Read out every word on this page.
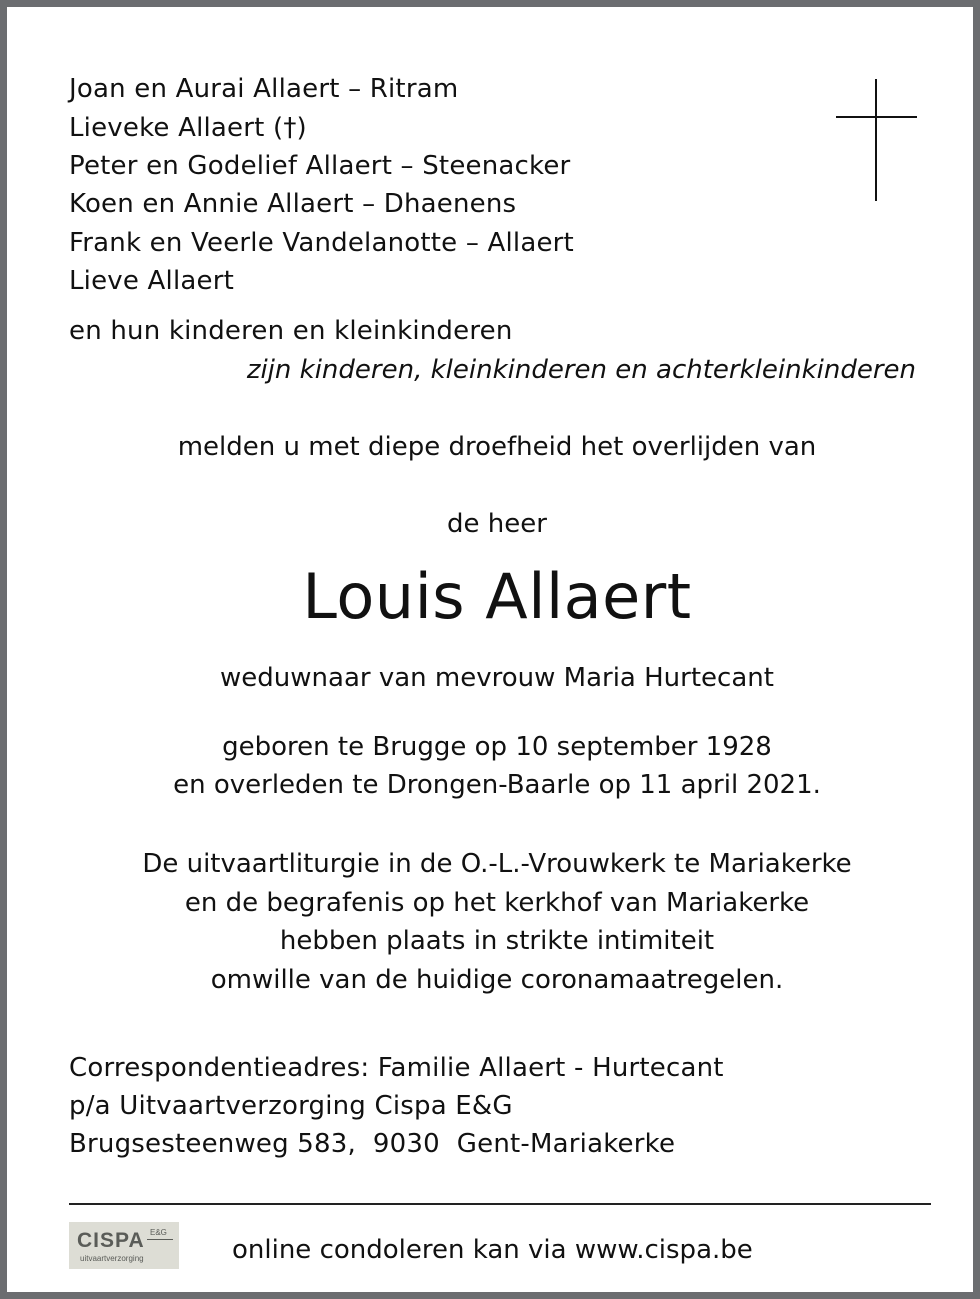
Joan en Aurai Allaert – Ritram
Lieveke Allaert (†)
Peter en Godelief Allaert – Steenacker
Koen en Annie Allaert – Dhaenens
Frank en Veerle Vandelanotte – Allaert
Lieve Allaert
en hun kinderen en kleinkinderen
zijn kinderen, kleinkinderen en achterkleinkinderen
melden u met diepe droefheid het overlijden van
de heer
Louis Allaert
weduwnaar van mevrouw Maria Hurtecant
geboren te Brugge op 10 september 1928
en overleden te Drongen-Baarle op 11 april 2021.
De uitvaartliturgie in de O.-L.-Vrouwkerk te Mariakerke
en de begrafenis op het kerkhof van Mariakerke
hebben plaats in strikte intimiteit
omwille van de huidige coronamaatregelen.
Correspondentieadres: Familie Allaert - Hurtecant
p/a Uitvaartverzorging Cispa E&G
Brugsesteenweg 583,  9030  Gent-Mariakerke
CISPA E&G
uitvaartverzorging	online condoleren kan via www.cispa.be
